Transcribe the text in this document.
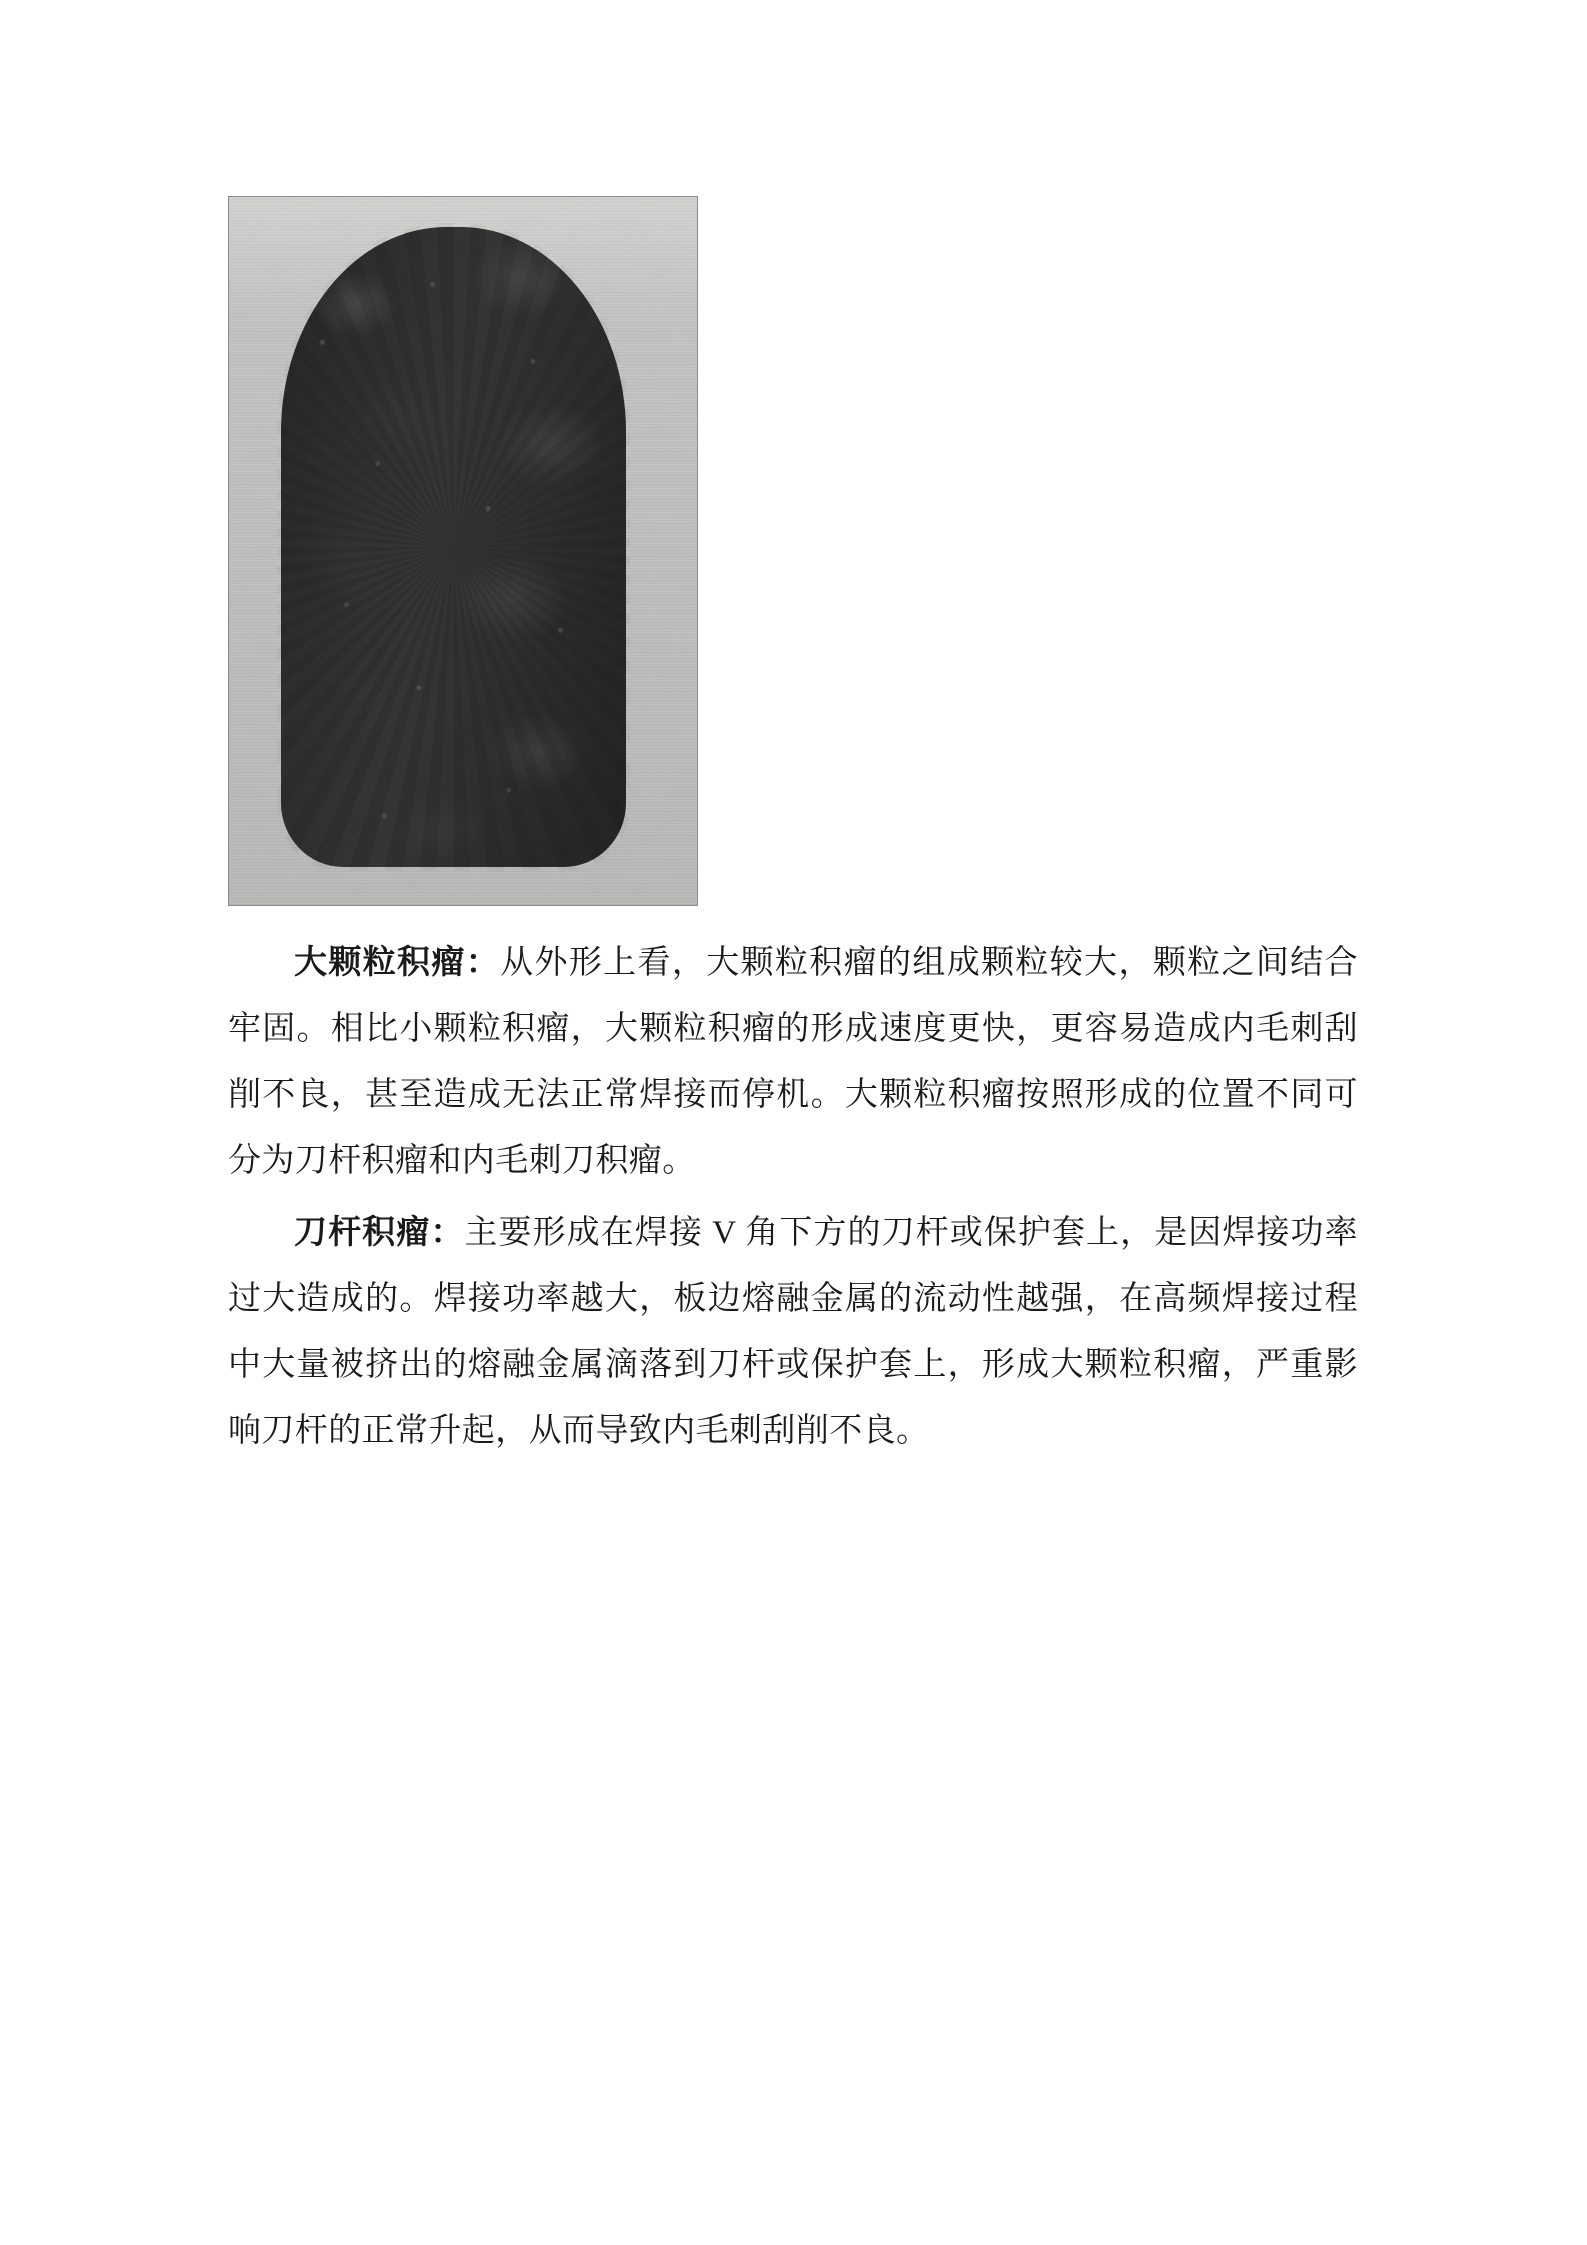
大颗粒积瘤：从外形上看，大颗粒积瘤的组成颗粒较大，颗粒之间结合牢固。相比小颗粒积瘤，大颗粒积瘤的形成速度更快，更容易造成内毛刺刮削不良，甚至造成无法正常焊接而停机。大颗粒积瘤按照形成的位置不同可分为刀杆积瘤和内毛刺刀积瘤。

刀杆积瘤：主要形成在焊接 V 角下方的刀杆或保护套上，是因焊接功率过大造成的。焊接功率越大，板边熔融金属的流动性越强，在高频焊接过程中大量被挤出的熔融金属滴落到刀杆或保护套上，形成大颗粒积瘤，严重影响刀杆的正常升起，从而导致内毛刺刮削不良。
